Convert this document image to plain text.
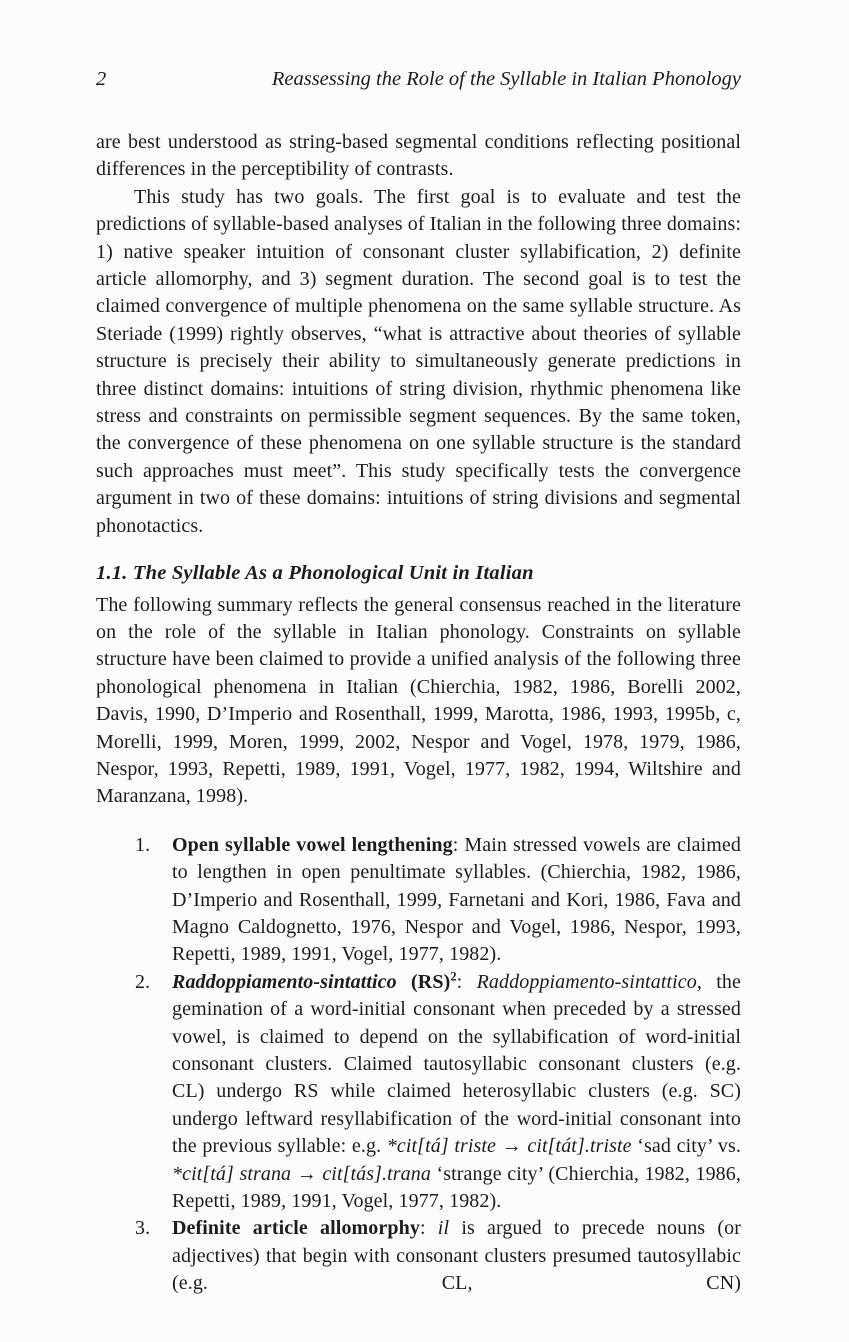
2	Reassessing the Role of the Syllable in Italian Phonology

are best understood as string-based segmental conditions reflecting positional differences in the perceptibility of contrasts.

This study has two goals. The first goal is to evaluate and test the predictions of syllable-based analyses of Italian in the following three domains: 1) native speaker intuition of consonant cluster syllabification, 2) definite article allomorphy, and 3) segment duration. The second goal is to test the claimed convergence of multiple phenomena on the same syllable structure. As Steriade (1999) rightly observes, “what is attractive about theories of syllable structure is precisely their ability to simultaneously generate predictions in three distinct domains: intuitions of string division, rhythmic phenomena like stress and constraints on permissible segment sequences. By the same token, the convergence of these phenomena on one syllable structure is the standard such approaches must meet”. This study specifically tests the convergence argument in two of these domains: intuitions of string divisions and segmental phonotactics.

1.1. The Syllable As a Phonological Unit in Italian

The following summary reflects the general consensus reached in the literature on the role of the syllable in Italian phonology. Constraints on syllable structure have been claimed to provide a unified analysis of the following three phonological phenomena in Italian (Chierchia, 1982, 1986, Borelli 2002, Davis, 1990, D’Imperio and Rosenthall, 1999, Marotta, 1986, 1993, 1995b, c, Morelli, 1999, Moren, 1999, 2002, Nespor and Vogel, 1978, 1979, 1986, Nespor, 1993, Repetti, 1989, 1991, Vogel, 1977, 1982, 1994, Wiltshire and Maranzana, 1998).

1.	Open syllable vowel lengthening: Main stressed vowels are claimed to lengthen in open penultimate syllables. (Chierchia, 1982, 1986, D’Imperio and Rosenthall, 1999, Farnetani and Kori, 1986, Fava and Magno Caldognetto, 1976, Nespor and Vogel, 1986, Nespor, 1993, Repetti, 1989, 1991, Vogel, 1977, 1982).
2.	Raddoppiamento-sintattico (RS)$^2$: Raddoppiamento-sintattico, the gemination of a word-initial consonant when preceded by a stressed vowel, is claimed to depend on the syllabification of word-initial consonant clusters. Claimed tautosyllabic consonant clusters (e.g. CL) undergo RS while claimed heterosyllabic clusters (e.g. SC) undergo leftward resyllabification of the word-initial consonant into the previous syllable: e.g. *cit[tá] triste → cit[tát].triste ‘sad city’ vs. *cit[tá] strana → cit[tás].trana ‘strange city’ (Chierchia, 1982, 1986, Repetti, 1989, 1991, Vogel, 1977, 1982).
3.	Definite article allomorphy: il is argued to precede nouns (or adjectives) that begin with consonant clusters presumed tautosyllabic (e.g. CL, CN)
